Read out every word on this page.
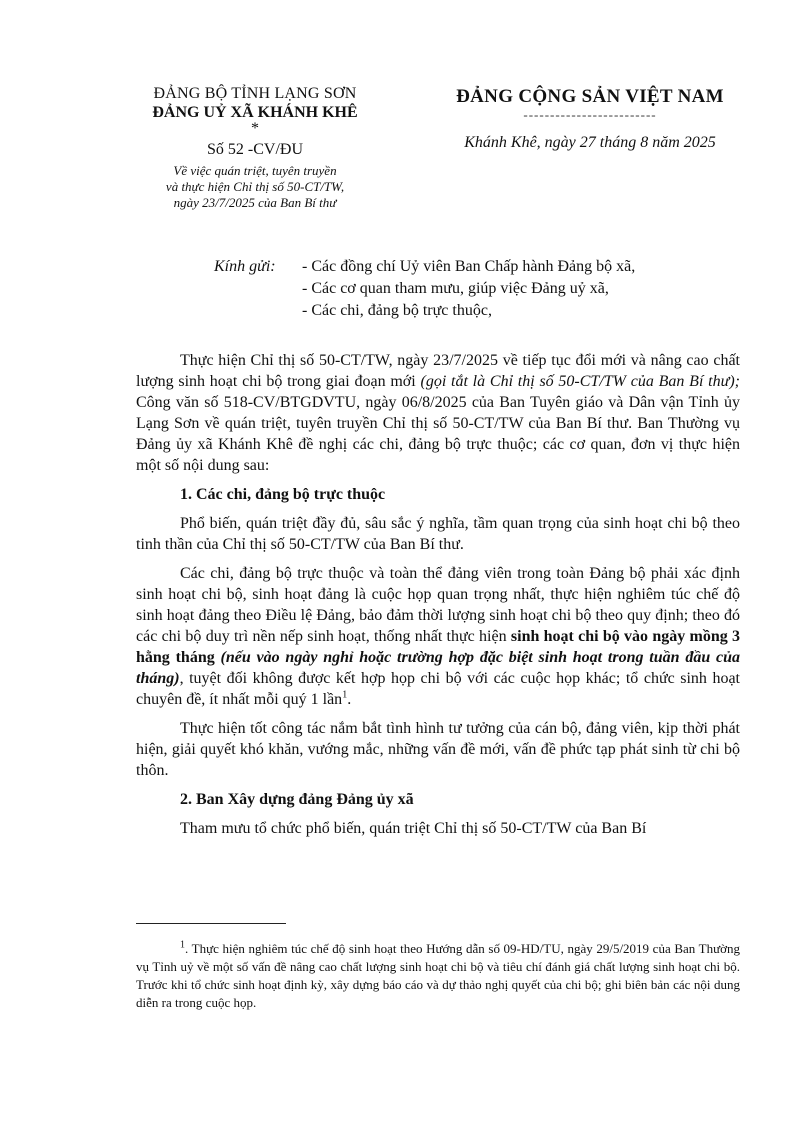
ĐẢNG BỘ TỈNH LẠNG SƠN
ĐẢNG UỶ XÃ KHÁNH KHÊ
*
Số 52 -CV/ĐU
Về việc quán triệt, tuyên truyền
và thực hiện Chỉ thị số 50-CT/TW,
ngày 23/7/2025 của Ban Bí thư
ĐẢNG CỘNG SẢN VIỆT NAM
-------------------------
Khánh Khê, ngày 27 tháng 8 năm 2025
Kính gửi: - Các đồng chí Uỷ viên Ban Chấp hành Đảng bộ xã,
- Các cơ quan tham mưu, giúp việc Đảng uỷ xã,
- Các chi, đảng bộ trực thuộc,

Thực hiện Chỉ thị số 50-CT/TW, ngày 23/7/2025 về tiếp tục đổi mới và nâng cao chất lượng sinh hoạt chi bộ trong giai đoạn mới (gọi tắt là Chỉ thị số 50-CT/TW của Ban Bí thư); Công văn số 518-CV/BTGDVTU, ngày 06/8/2025 của Ban Tuyên giáo và Dân vận Tỉnh ủy Lạng Sơn về quán triệt, tuyên truyền Chỉ thị số 50-CT/TW của Ban Bí thư. Ban Thường vụ Đảng ủy xã Khánh Khê đề nghị các chi, đảng bộ trực thuộc; các cơ quan, đơn vị thực hiện một số nội dung sau:

1. Các chi, đảng bộ trực thuộc

Phổ biến, quán triệt đầy đủ, sâu sắc ý nghĩa, tầm quan trọng của sinh hoạt chi bộ theo tinh thần của Chỉ thị số 50-CT/TW của Ban Bí thư.

Các chi, đảng bộ trực thuộc và toàn thể đảng viên trong toàn Đảng bộ phải xác định sinh hoạt chi bộ, sinh hoạt đảng là cuộc họp quan trọng nhất, thực hiện nghiêm túc chế độ sinh hoạt đảng theo Điều lệ Đảng, bảo đảm thời lượng sinh hoạt chi bộ theo quy định; theo đó các chi bộ duy trì nền nếp sinh hoạt, thống nhất thực hiện sinh hoạt chi bộ vào ngày mồng 3 hằng tháng (nếu vào ngày nghỉ hoặc trường hợp đặc biệt sinh hoạt trong tuần đầu của tháng), tuyệt đối không được kết hợp họp chi bộ với các cuộc họp khác; tổ chức sinh hoạt chuyên đề, ít nhất mỗi quý 1 lần$^1$.

Thực hiện tốt công tác nắm bắt tình hình tư tưởng của cán bộ, đảng viên, kịp thời phát hiện, giải quyết khó khăn, vướng mắc, những vấn đề mới, vấn đề phức tạp phát sinh từ chi bộ thôn.

2. Ban Xây dựng đảng Đảng ủy xã

Tham mưu tổ chức phổ biến, quán triệt Chỉ thị số 50-CT/TW của Ban Bí

$^1$. Thực hiện nghiêm túc chế độ sinh hoạt theo Hướng dẫn số 09-HD/TU, ngày 29/5/2019 của Ban Thường vụ Tỉnh uỷ về một số vấn đề nâng cao chất lượng sinh hoạt chi bộ và tiêu chí đánh giá chất lượng sinh hoạt chi bộ. Trước khi tổ chức sinh hoạt định kỳ, xây dựng báo cáo và dự thảo nghị quyết của chi bộ; ghi biên bản các nội dung diễn ra trong cuộc họp.
